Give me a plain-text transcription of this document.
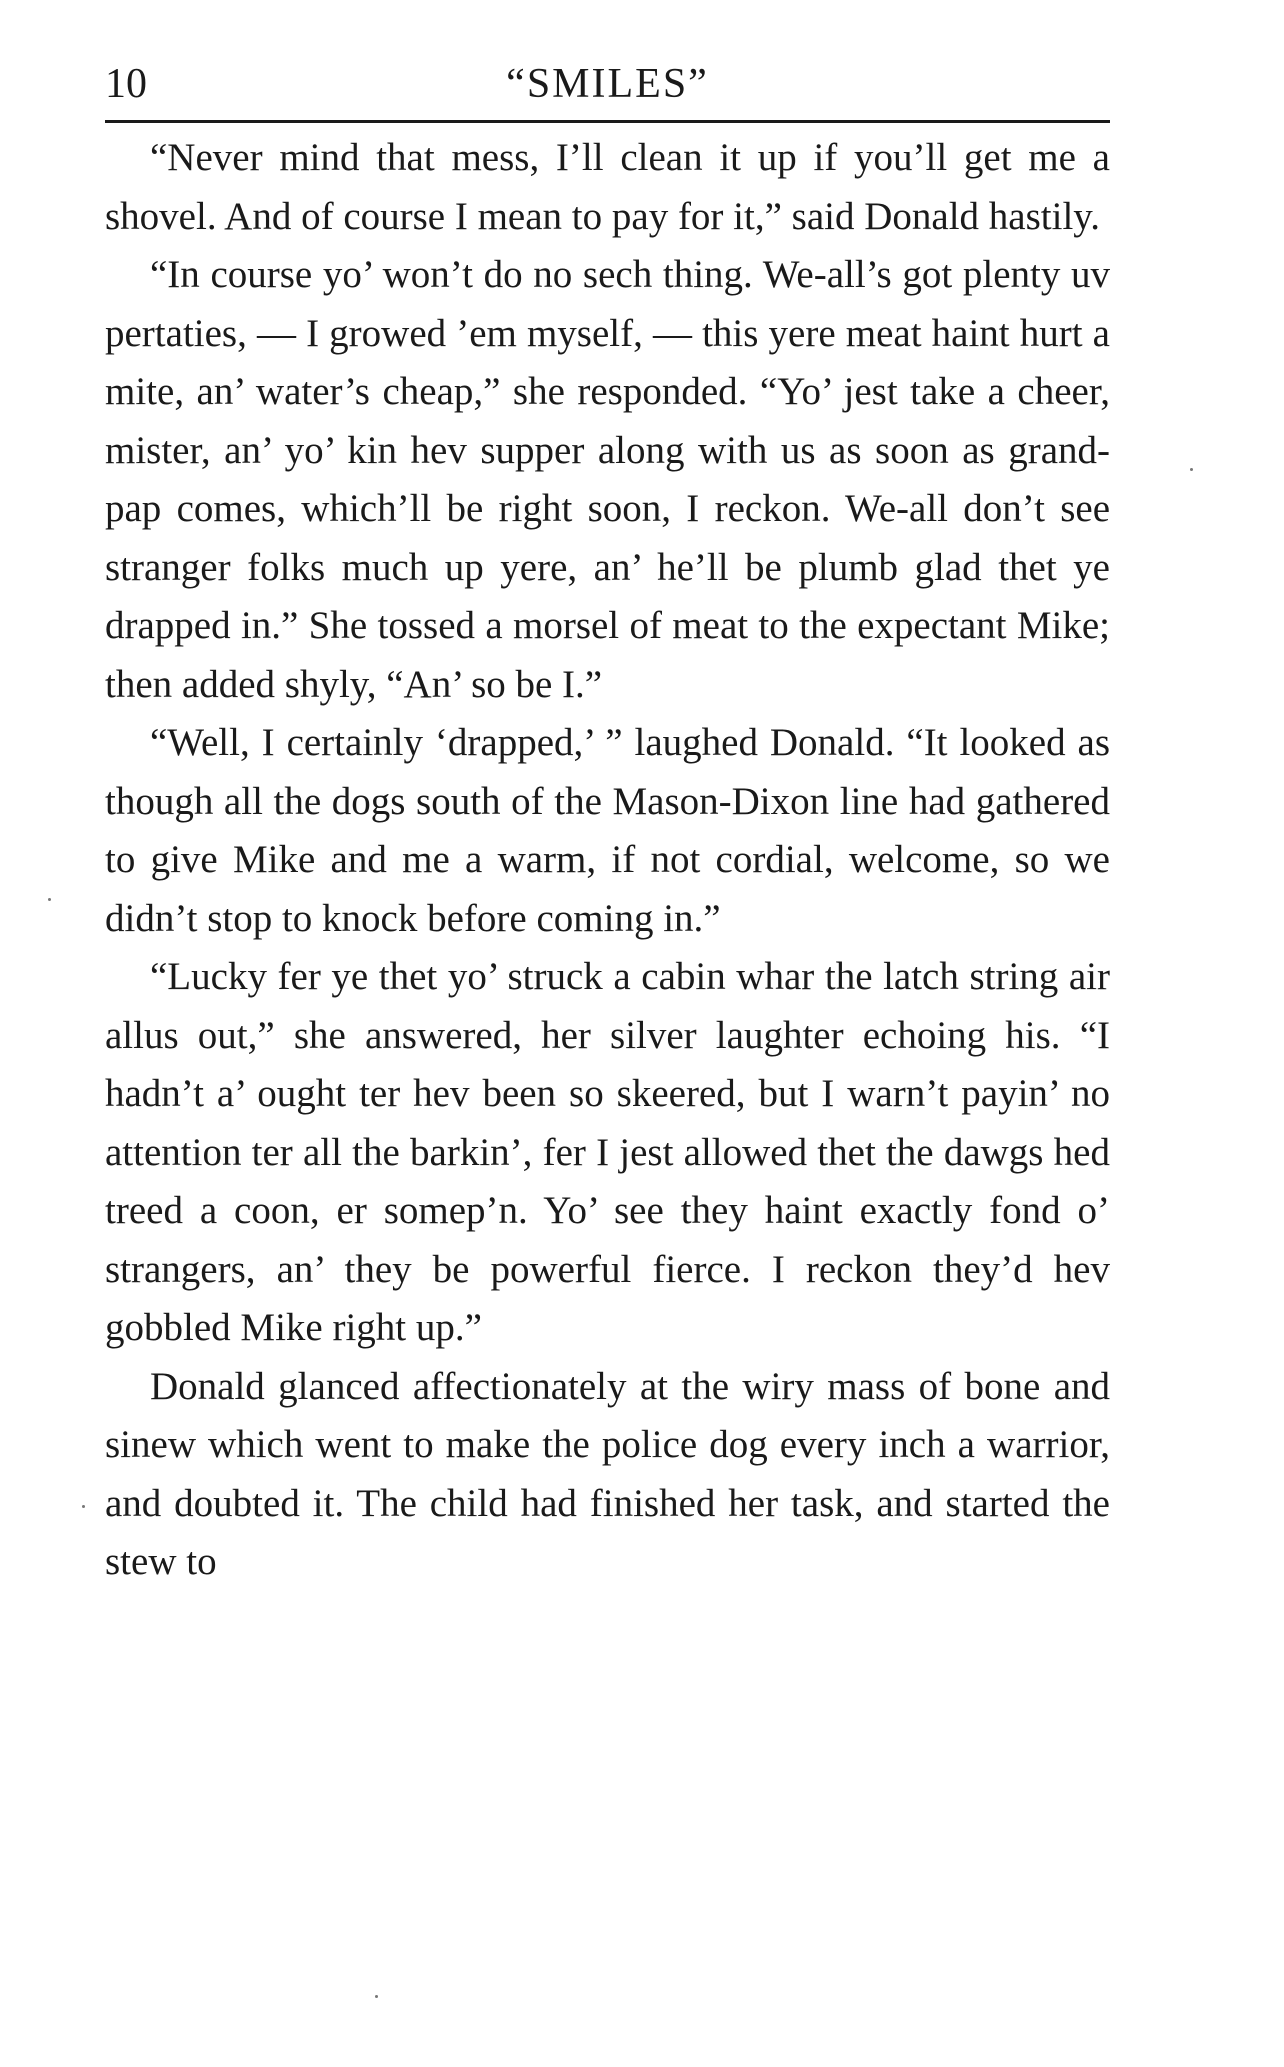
10	“SMILES”

“Never mind that mess, I’ll clean it up if you’ll get me a shovel. And of course I mean to pay for it,” said Donald hastily.

“In course yo’ won’t do no sech thing. We-all’s got plenty uv pertaties, — I growed ’em myself, — this yere meat haint hurt a mite, an’ water’s cheap,” she responded. “Yo’ jest take a cheer, mister, an’ yo’ kin hev supper along with us as soon as grand-pap comes, which’ll be right soon, I reckon. We-all don’t see stranger folks much up yere, an’ he’ll be plumb glad thet ye drapped in.” She tossed a morsel of meat to the expectant Mike; then added shyly, “An’ so be I.”

“Well, I certainly ‘drapped,’ ” laughed Donald. “It looked as though all the dogs south of the Mason-Dixon line had gathered to give Mike and me a warm, if not cordial, welcome, so we didn’t stop to knock before coming in.”

“Lucky fer ye thet yo’ struck a cabin whar the latch string air allus out,” she answered, her silver laughter echoing his. “I hadn’t a’ ought ter hev been so skeered, but I warn’t payin’ no attention ter all the barkin’, fer I jest allowed thet the dawgs hed treed a coon, er somep’n. Yo’ see they haint exactly fond o’ strangers, an’ they be powerful fierce. I reckon they’d hev gobbled Mike right up.”

Donald glanced affectionately at the wiry mass of bone and sinew which went to make the police dog every inch a warrior, and doubted it. The child had finished her task, and started the stew to
